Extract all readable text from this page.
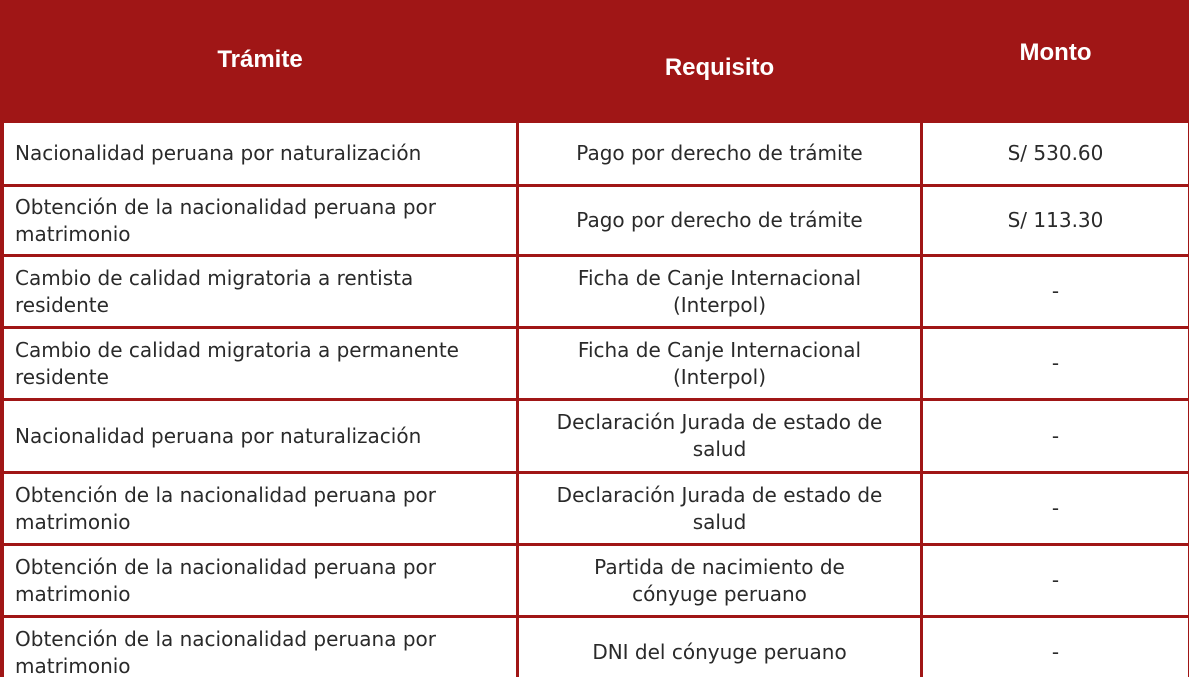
Trámite	Requisito	Monto
Nacionalidad peruana por naturalización	Pago por derecho de trámite	S/ 530.60
Obtención de la nacionalidad peruana por matrimonio	Pago por derecho de trámite	S/ 113.30
Cambio de calidad migratoria a rentista residente	Ficha de Canje Internacional (Interpol)	-
Cambio de calidad migratoria a permanente residente	Ficha de Canje Internacional (Interpol)	-
Nacionalidad peruana por naturalización	Declaración Jurada de estado de salud	-
Obtención de la nacionalidad peruana por matrimonio	Declaración Jurada de estado de salud	-
Obtención de la nacionalidad peruana por matrimonio	Partida de nacimiento de cónyuge peruano	-
Obtención de la nacionalidad peruana por matrimonio	DNI del cónyuge peruano	-
